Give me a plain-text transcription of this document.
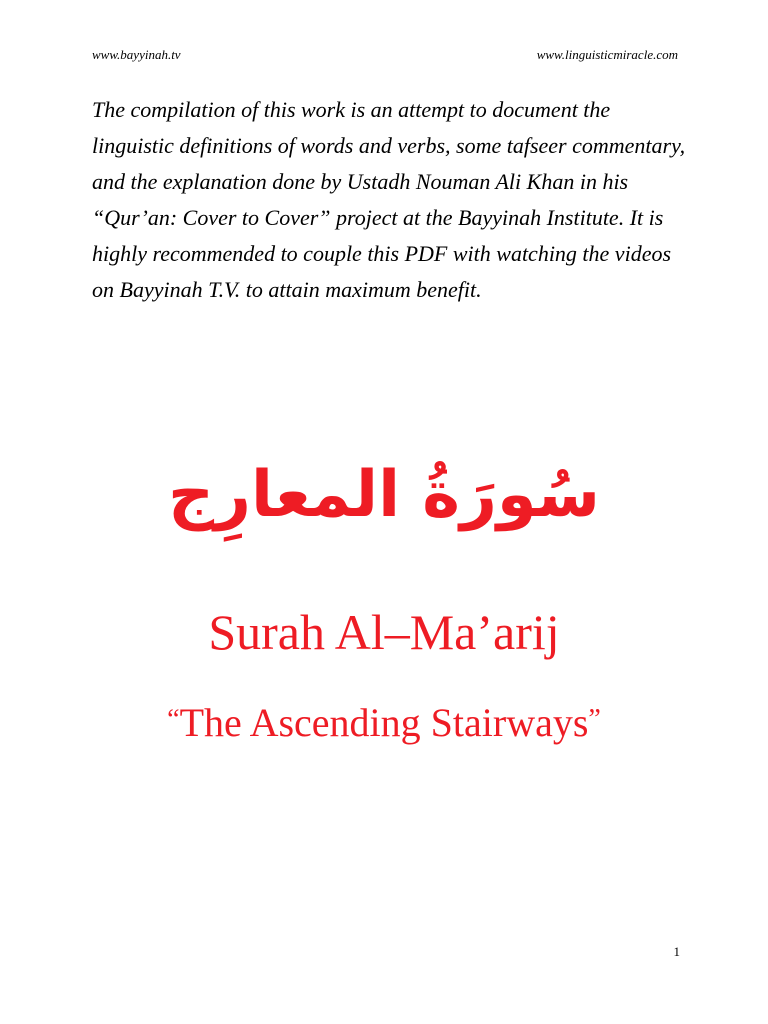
www.bayyinah.tv	www.linguisticmiracle.com

The compilation of this work is an attempt to document the linguistic definitions of words and verbs, some tafseer commentary, and the explanation done by Ustadh Nouman Ali Khan in his “Qur’an: Cover to Cover” project at the Bayyinah Institute. It is highly recommended to couple this PDF with watching the videos on Bayyinah T.V. to attain maximum benefit.

سُورَةُ المعارِج
Surah Al–Ma’arij
“The Ascending Stairways”
1
